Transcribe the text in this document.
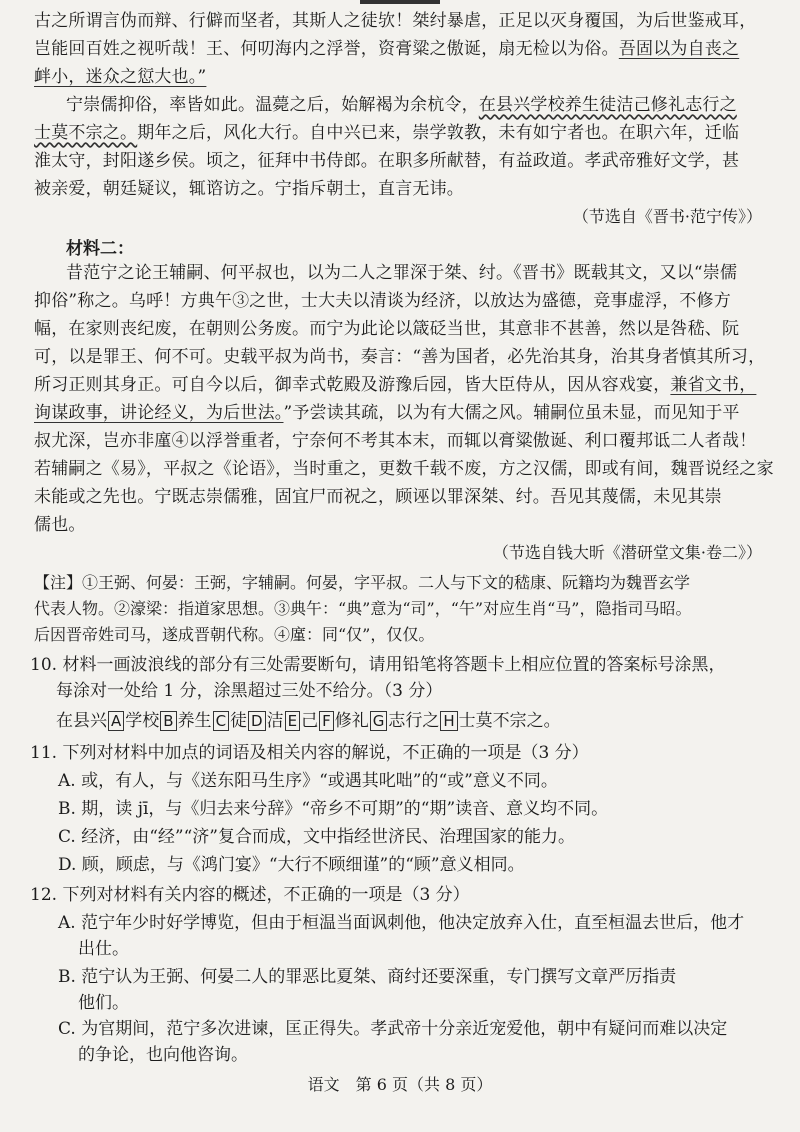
古之所谓言伪而辩、行僻而坚者，其斯人之徒欤！桀纣暴虐，正足以灭身覆国，为后世鉴戒耳，
岂能回百姓之视听哉！王、何叨海内之浮誉，资膏粱之傲诞，扇无检以为俗。吾固以为自丧之
衅小，迷众之愆大也。”
宁崇儒抑俗，率皆如此。温薨之后，始解褐为余杭令，在县兴学校养生徒洁己修礼志行之
士莫不宗之。期年之后，风化大行。自中兴已来，崇学敦教，未有如宁者也。在职六年，迁临
淮太守，封阳遂乡侯。顷之，征拜中书侍郎。在职多所献替，有益政道。孝武帝雅好文学，甚
被亲爱，朝廷疑议，辄谘访之。宁指斥朝士，直言无讳。
（节选自《晋书·范宁传》）
材料二：
昔范宁之论王辅嗣、何平叔也，以为二人之罪深于桀、纣。《晋书》既载其文，又以“崇儒
抑俗”称之。乌呼！方典午③之世，士大夫以清谈为经济，以放达为盛德，竞事虚浮，不修方
幅，在家则丧纪废，在朝则公务废。而宁为此论以箴砭当世，其意非不甚善，然以是咎嵇、阮
可，以是罪王、何不可。史载平叔为尚书，奏言：“善为国者，必先治其身，治其身者慎其所习，
所习正则其身正。可自今以后，御幸式乾殿及游豫后园，皆大臣侍从，因从容戏宴，兼省文书，
询谋政事，讲论经义，为后世法。”予尝读其疏，以为有大儒之风。辅嗣位虽未显，而见知于平
叔尤深，岂亦非廑④以浮誉重者，宁奈何不考其本末，而辄以膏粱傲诞、利口覆邦诋二人者哉！
若辅嗣之《易》，平叔之《论语》，当时重之，更数千载不废，方之汉儒，即或有间，魏晋说经之家
未能或之先也。宁既志崇儒雅，固宜尸而祝之，顾诬以罪深桀、纣。吾见其蔑儒，未见其崇
儒也。
（节选自钱大昕《潜研堂文集·卷二》）
【注】①王弼、何晏：王弼，字辅嗣。何晏，字平叔。二人与下文的嵇康、阮籍均为魏晋玄学
代表人物。②濠梁：指道家思想。③典午：“典”意为“司”，“午”对应生肖“马”，隐指司马昭。
后因晋帝姓司马，遂成晋朝代称。④廑：同“仅”，仅仅。
10. 材料一画波浪线的部分有三处需要断句，请用铅笔将答题卡上相应位置的答案标号涂黑，
每涂对一处给 1 分，涂黑超过三处不给分。（3 分）
在县兴 A 学校 B 养生 C 徒 D 洁 E 己 F 修礼 G 志行之 H 士莫不宗之。
11. 下列对材料中加点的词语及相关内容的解说，不正确的一项是（3 分）
A. 或，有人，与《送东阳马生序》“或遇其叱咄”的“或”意义不同。
B. 期，读 jī，与《归去来兮辞》“帝乡不可期”的“期”读音、意义均不同。
C. 经济，由“经”“济”复合而成，文中指经世济民、治理国家的能力。
D. 顾，顾虑，与《鸿门宴》“大行不顾细谨”的“顾”意义相同。
12. 下列对材料有关内容的概述，不正确的一项是（3 分）
A. 范宁年少时好学博览，但由于桓温当面讽刺他，他决定放弃入仕，直至桓温去世后，他才
出仕。
B. 范宁认为王弼、何晏二人的罪恶比夏桀、商纣还要深重，专门撰写文章严厉指责
他们。
C. 为官期间，范宁多次进谏，匡正得失。孝武帝十分亲近宠爱他，朝中有疑问而难以决定
的争论，也向他咨询。
语文　第 6 页（共 8 页）
